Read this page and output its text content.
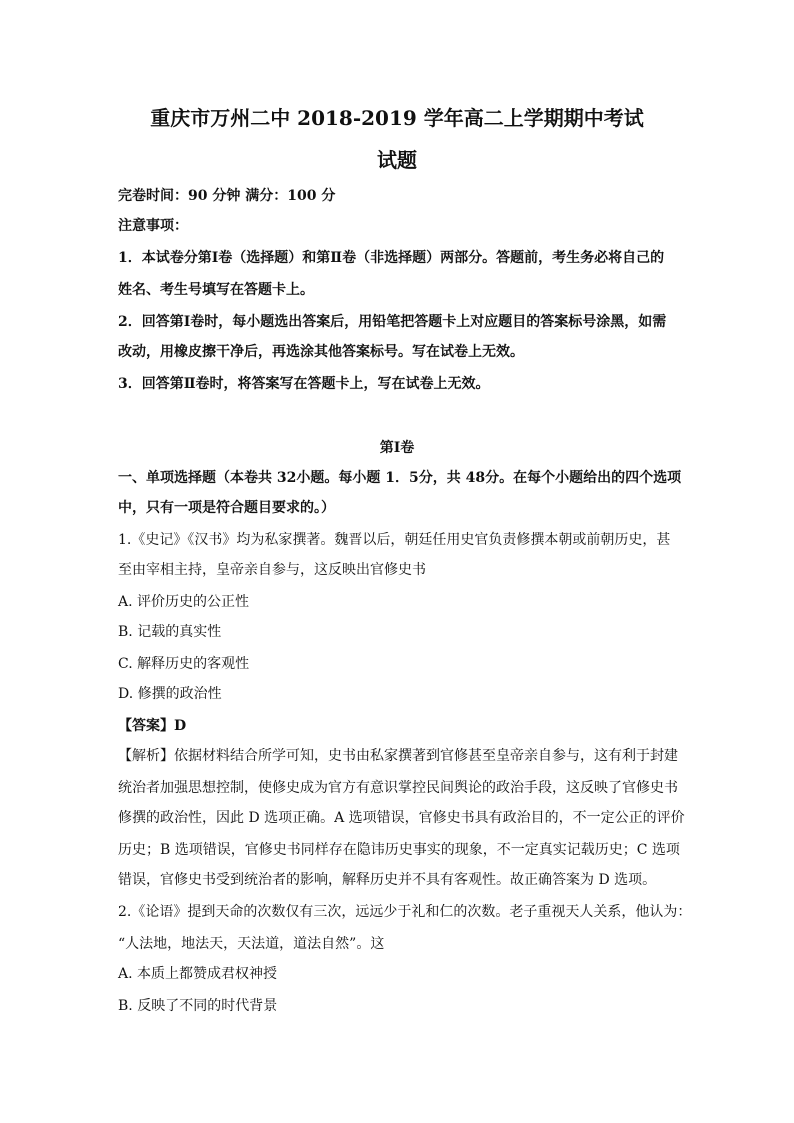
重庆市万州二中 2018-2019 学年高二上学期期中考试
试题
完卷时间：90 分钟 满分：100 分
注意事项：
1．本试卷分第Ⅰ卷（选择题）和第Ⅱ卷（非选择题）两部分。答题前，考生务必将自己的
姓名、考生号填写在答题卡上。
2．回答第Ⅰ卷时，每小题选出答案后，用铅笔把答题卡上对应题目的答案标号涂黑，如需
改动，用橡皮擦干净后，再选涂其他答案标号。写在试卷上无效。
3．回答第Ⅱ卷时，将答案写在答题卡上，写在试卷上无效。
第Ⅰ卷
一、单项选择题（本卷共 32小题。每小题 1．5分，共 48分。在每个小题给出的四个选项
中，只有一项是符合题目要求的。）
1.《史记》《汉书》均为私家撰著。魏晋以后，朝廷任用史官负责修撰本朝或前朝历史，甚
至由宰相主持，皇帝亲自参与，这反映出官修史书
A. 评价历史的公正性
B. 记载的真实性
C. 解释历史的客观性
D. 修撰的政治性
【答案】D
【解析】依据材料结合所学可知，史书由私家撰著到官修甚至皇帝亲自参与，这有利于封建
统治者加强思想控制，使修史成为官方有意识掌控民间舆论的政治手段，这反映了官修史书
修撰的政治性，因此 D 选项正确。A 选项错误，官修史书具有政治目的，不一定公正的评价
历史；B 选项错误，官修史书同样存在隐讳历史事实的现象，不一定真实记载历史；C 选项
错误，官修史书受到统治者的影响，解释历史并不具有客观性。故正确答案为 D 选项。
2.《论语》提到天命的次数仅有三次，远远少于礼和仁的次数。老子重视天人关系，他认为：
“人法地，地法天，天法道，道法自然”。这
A. 本质上都赞成君权神授
B. 反映了不同的时代背景
